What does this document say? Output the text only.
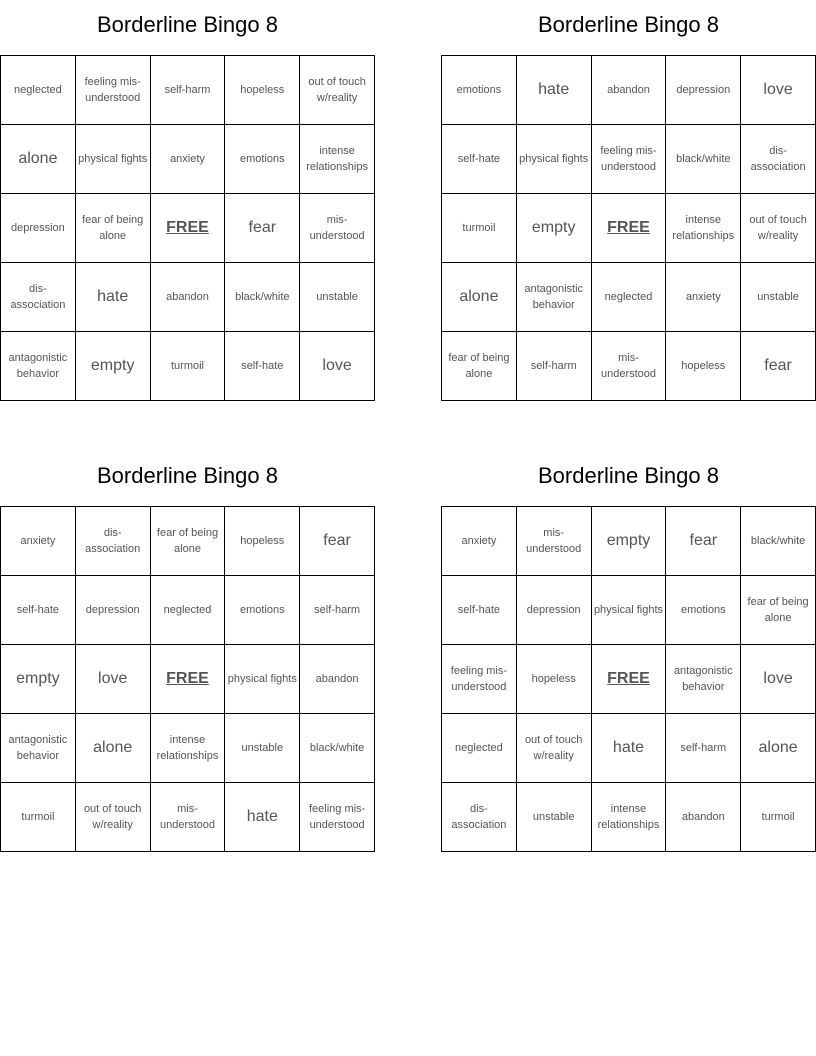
Borderline Bingo 8
neglected	feeling mis-understood	self-harm	hopeless	out of touch w/reality
alone	physical fights	anxiety	emotions	intense relationships
depression	fear of being alone	FREE	fear	mis-understood
dis-association	hate	abandon	black/white	unstable
antagonistic behavior	empty	turmoil	self-hate	love
Borderline Bingo 8
emotions	hate	abandon	depression	love
self-hate	physical fights	feeling mis-understood	black/white	dis-association
turmoil	empty	FREE	intense relationships	out of touch w/reality
alone	antagonistic behavior	neglected	anxiety	unstable
fear of being alone	self-harm	mis-understood	hopeless	fear
Borderline Bingo 8
anxiety	dis-association	fear of being alone	hopeless	fear
self-hate	depression	neglected	emotions	self-harm
empty	love	FREE	physical fights	abandon
antagonistic behavior	alone	intense relationships	unstable	black/white
turmoil	out of touch w/reality	mis-understood	hate	feeling mis-understood
Borderline Bingo 8
anxiety	mis-understood	empty	fear	black/white
self-hate	depression	physical fights	emotions	fear of being alone
feeling mis-understood	hopeless	FREE	antagonistic behavior	love
neglected	out of touch w/reality	hate	self-harm	alone
dis-association	unstable	intense relationships	abandon	turmoil
